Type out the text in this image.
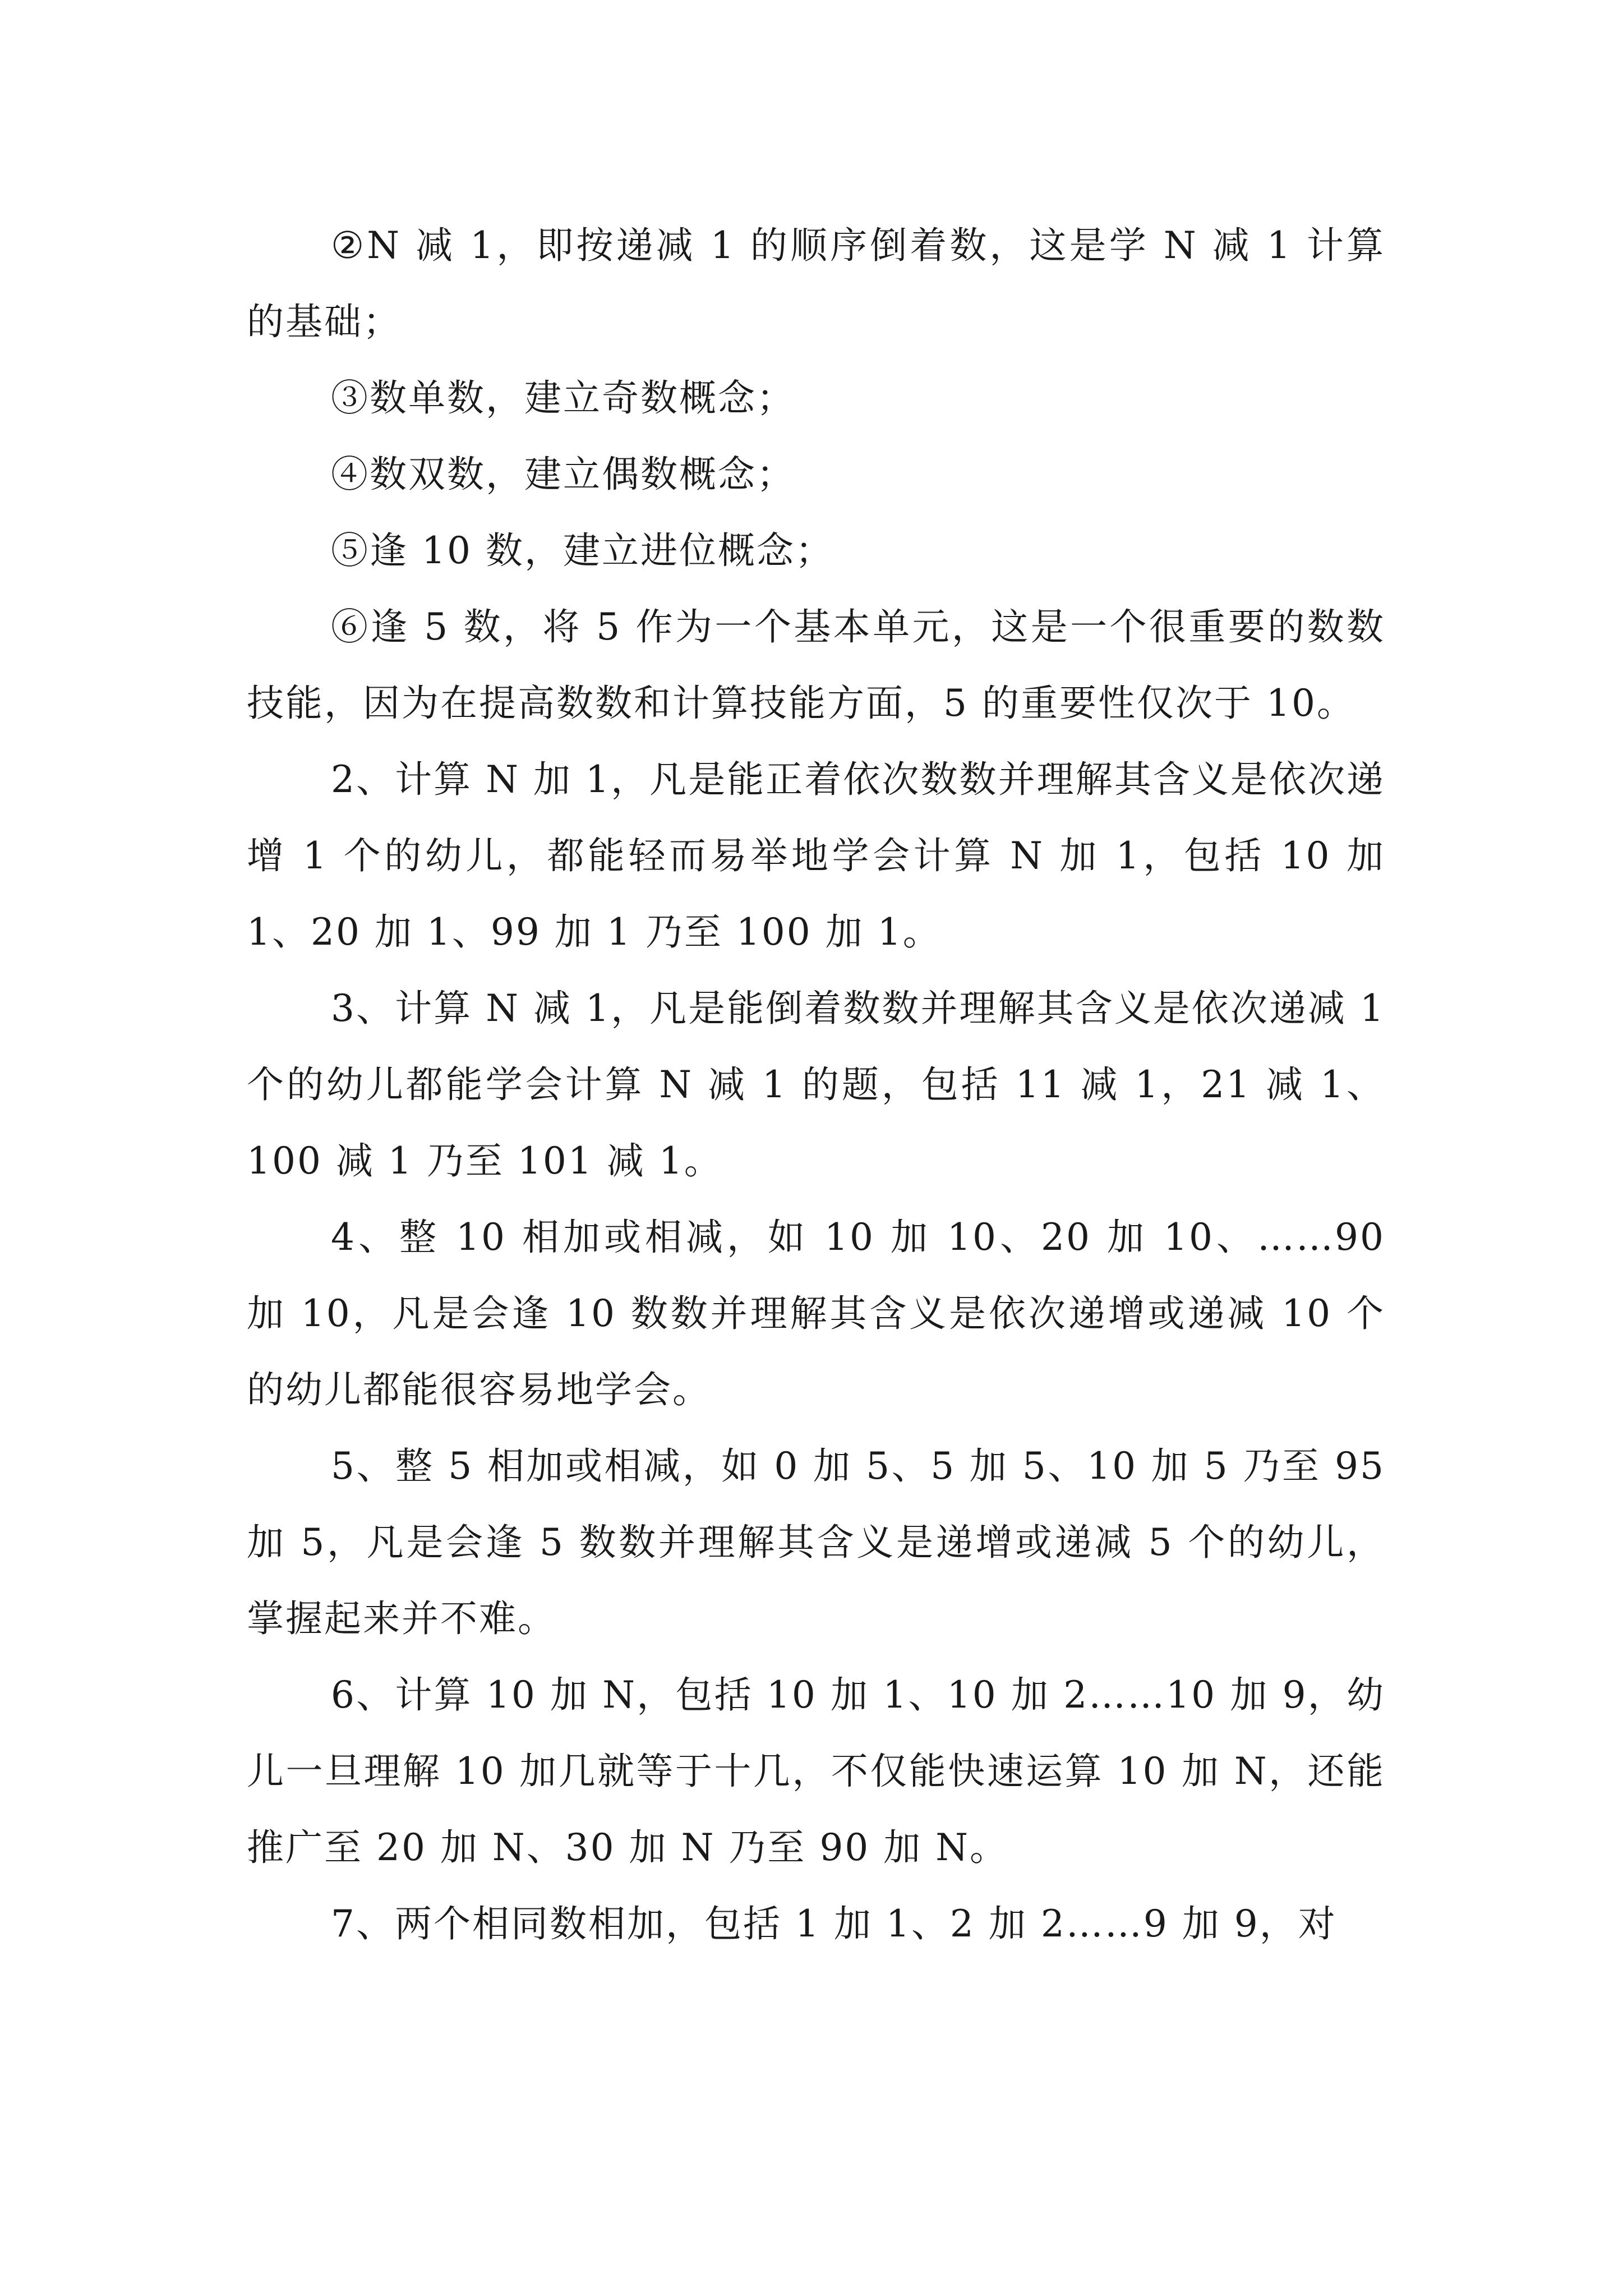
②N 减 1，即按递减 1 的顺序倒着数，这是学 N 减 1 计算的基础；

③数单数，建立奇数概念；

④数双数，建立偶数概念；

⑤逢 10 数，建立进位概念；

⑥逢 5 数，将 5 作为一个基本单元，这是一个很重要的数数技能，因为在提高数数和计算技能方面，5 的重要性仅次于 10。

2、计算 N 加 1，凡是能正着依次数数并理解其含义是依次递增 1 个的幼儿，都能轻而易举地学会计算 N 加 1，包括 10 加 1、20 加 1、99 加 1 乃至 100 加 1。

3、计算 N 减 1，凡是能倒着数数并理解其含义是依次递减 1 个的幼儿都能学会计算 N 减 1 的题，包括 11 减 1，21 减 1、100 减 1 乃至 101 减 1。

4、整 10 相加或相减，如 10 加 10、20 加 10、……90 加 10，凡是会逢 10 数数并理解其含义是依次递增或递减 10 个的幼儿都能很容易地学会。

5、整 5 相加或相减，如 0 加 5、5 加 5、10 加 5 乃至 95 加 5，凡是会逢 5 数数并理解其含义是递增或递减 5 个的幼儿，掌握起来并不难。

6、计算 10 加 N，包括 10 加 1、10 加 2……10 加 9，幼儿一旦理解 10 加几就等于十几，不仅能快速运算 10 加 N，还能推广至 20 加 N、30 加 N 乃至 90 加 N。

7、两个相同数相加，包括 1 加 1、2 加 2……9 加 9，对
